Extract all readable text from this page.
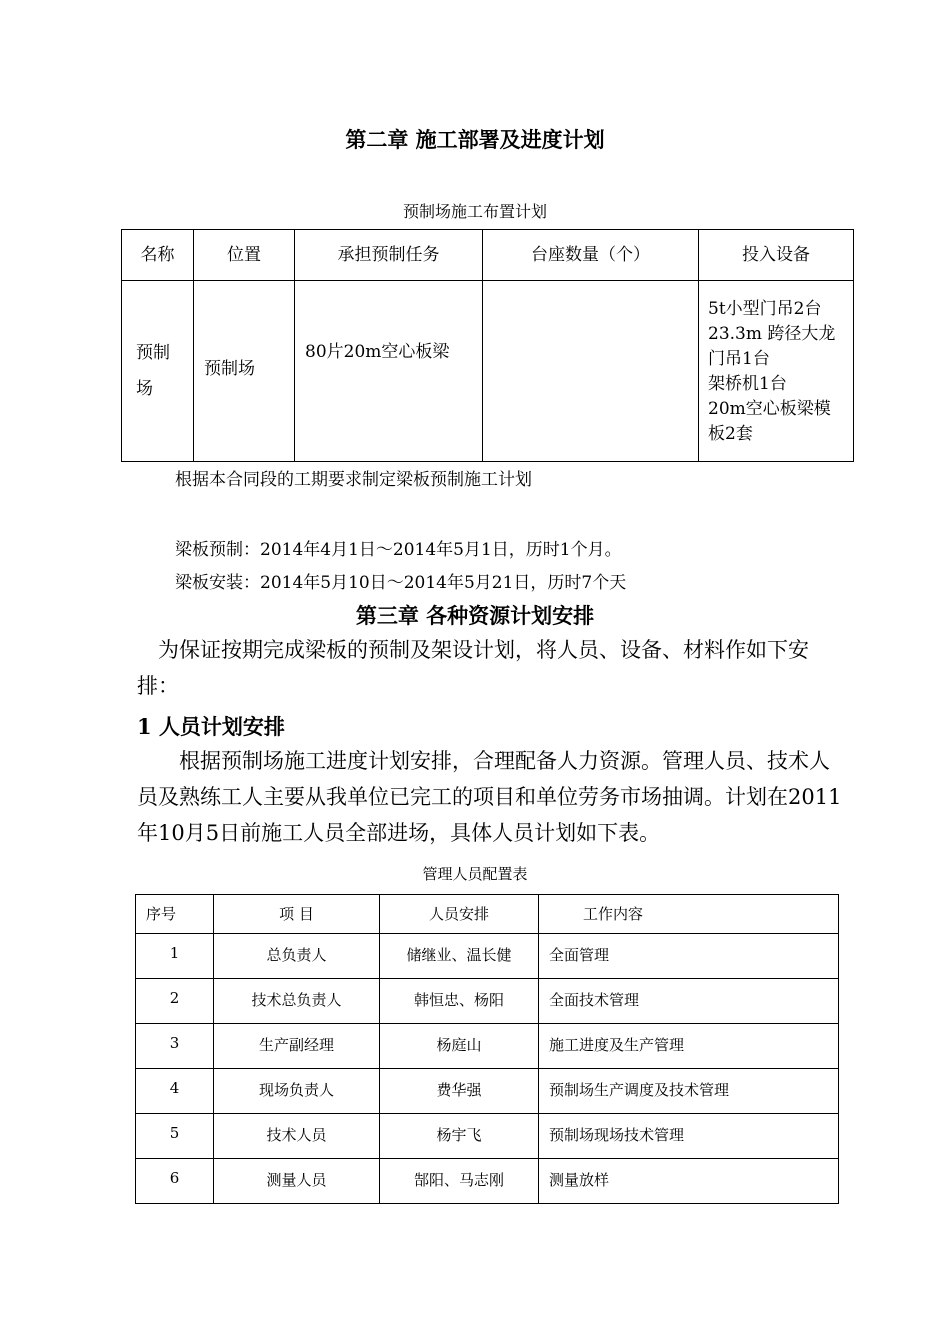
第二章 施工部署及进度计划
预制场施工布置计划
名称	位置	承担预制任务	台座数量（个）	投入设备
预制场	预制场	80片20m空心板梁		5t小型门吊2台
23.3m 跨径大龙门吊1台
架桥机1台
20m空心板梁模板2套
根据本合同段的工期要求制定梁板预制施工计划
梁板预制：2014年4月1日～2014年5月1日，历时1个月。
梁板安装：2014年5月10日～2014年5月21日，历时7个天
第三章 各种资源计划安排
为保证按期完成梁板的预制及架设计划，将人员、设备、材料作如下安排：
1 人员计划安排
根据预制场施工进度计划安排，合理配备人力资源。管理人员、技术人员及熟练工人主要从我单位已完工的项目和单位劳务市场抽调。计划在2011年10月5日前施工人员全部进场，具体人员计划如下表。
管理人员配置表
序号	项 目	人员安排	工作内容
1	总负责人	储继业、温长健	全面管理
2	技术总负责人	韩恒忠、杨阳	全面技术管理
3	生产副经理	杨庭山	施工进度及生产管理
4	现场负责人	费华强	预制场生产调度及技术管理
5	技术人员	杨宇飞	预制场现场技术管理
6	测量人员	郜阳、马志刚	测量放样
